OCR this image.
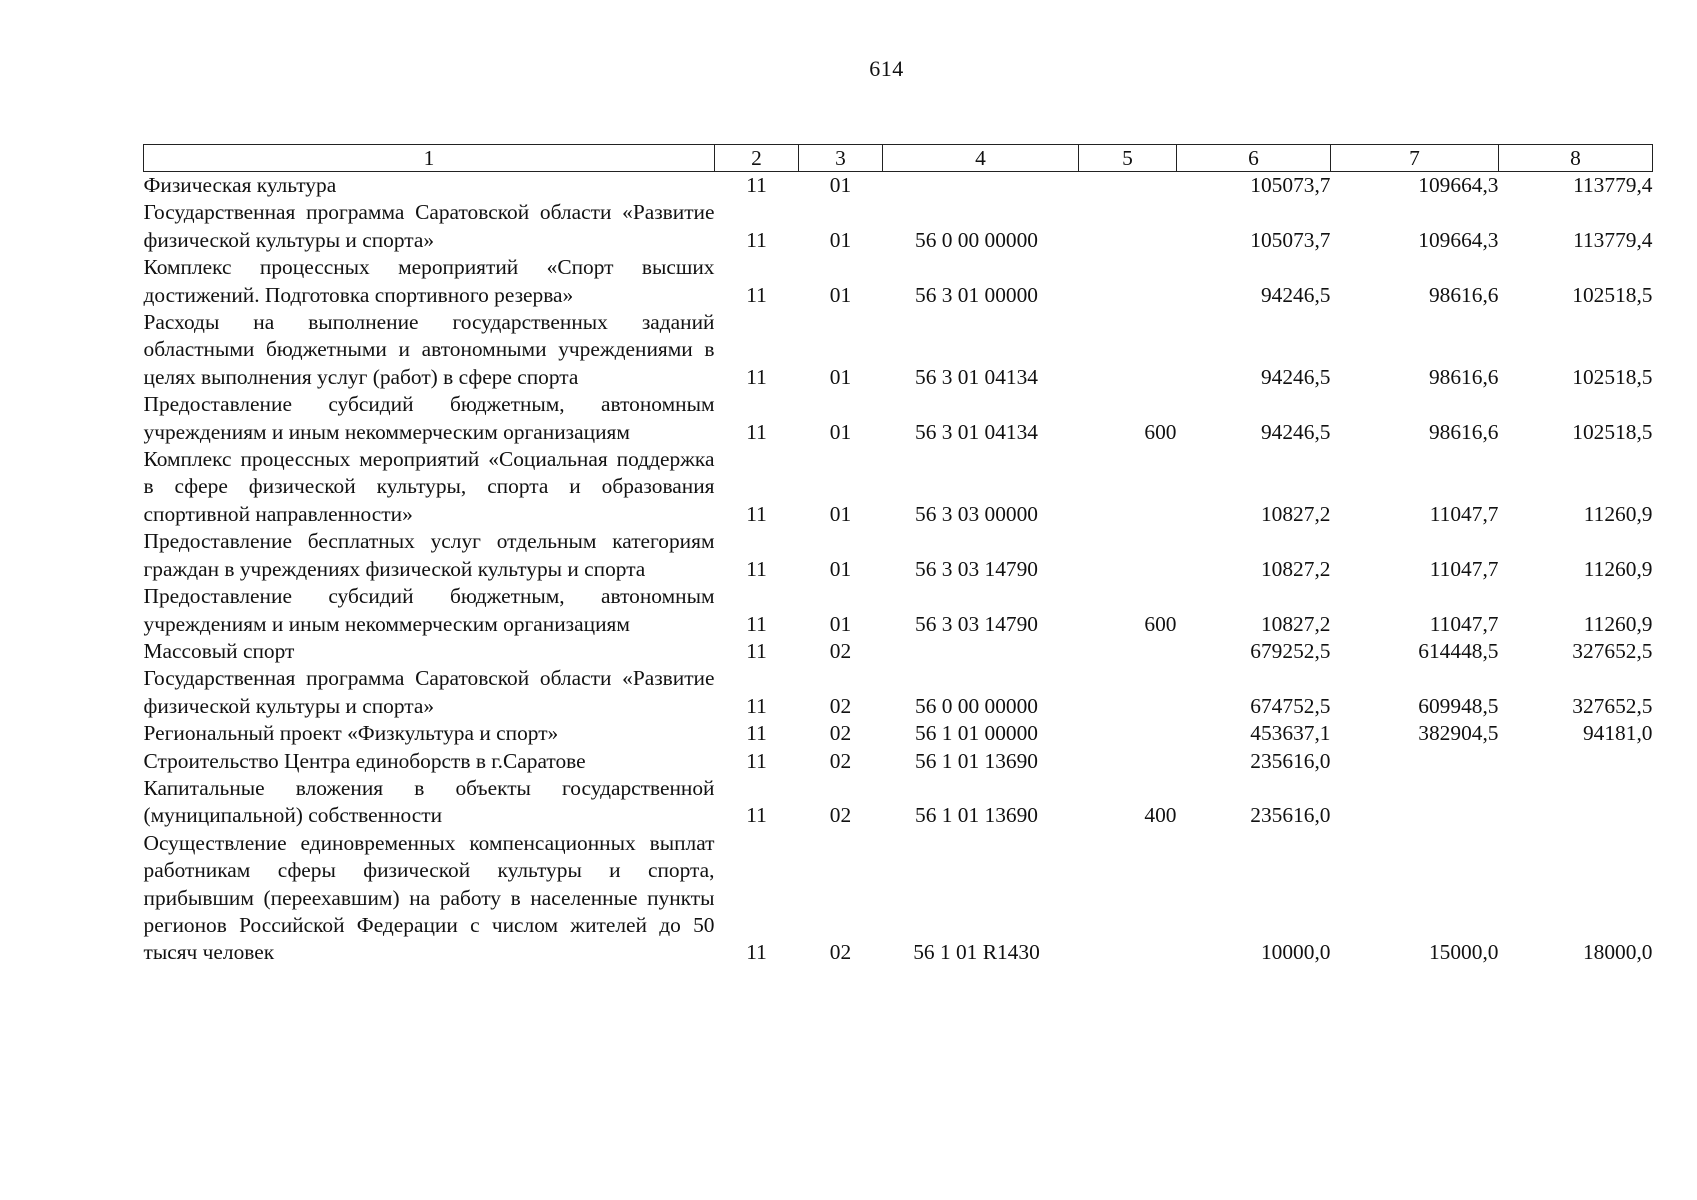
614
1	2	3	4	5	6	7	8
Физическая культура	11	01			105073,7	109664,3	113779,4
Государственная программа Саратовской области «Развитие физической культуры и спорта»	11	01	56 0 00 00000		105073,7	109664,3	113779,4
Комплекс процессных мероприятий «Спорт высших достижений. Подготовка спортивного резерва»	11	01	56 3 01 00000		94246,5	98616,6	102518,5
Расходы на выполнение государственных заданий областными бюджетными и автономными учреждениями в целях выполнения услуг (работ) в сфере спорта	11	01	56 3 01 04134		94246,5	98616,6	102518,5
Предоставление субсидий бюджетным, автономным учреждениям и иным некоммерческим организациям	11	01	56 3 01 04134	600	94246,5	98616,6	102518,5
Комплекс процессных мероприятий «Социальная поддержка в сфере физической культуры, спорта и образования спортивной направленности»	11	01	56 3 03 00000		10827,2	11047,7	11260,9
Предоставление бесплатных услуг отдельным категориям граждан в учреждениях физической культуры и спорта	11	01	56 3 03 14790		10827,2	11047,7	11260,9
Предоставление субсидий бюджетным, автономным учреждениям и иным некоммерческим организациям	11	01	56 3 03 14790	600	10827,2	11047,7	11260,9
Массовый спорт	11	02			679252,5	614448,5	327652,5
Государственная программа Саратовской области «Развитие физической культуры и спорта»	11	02	56 0 00 00000		674752,5	609948,5	327652,5
Региональный проект «Физкультура и спорт»	11	02	56 1 01 00000		453637,1	382904,5	94181,0
Строительство Центра единоборств в г.Саратове	11	02	56 1 01 13690		235616,0		
Капитальные вложения в объекты государственной (муниципальной) собственности	11	02	56 1 01 13690	400	235616,0		
Осуществление единовременных компенсационных выплат работникам сферы физической культуры и спорта, прибывшим (переехавшим) на работу в населенные пункты регионов Российской Федерации с числом жителей до 50 тысяч человек	11	02	56 1 01 R1430		10000,0	15000,0	18000,0
